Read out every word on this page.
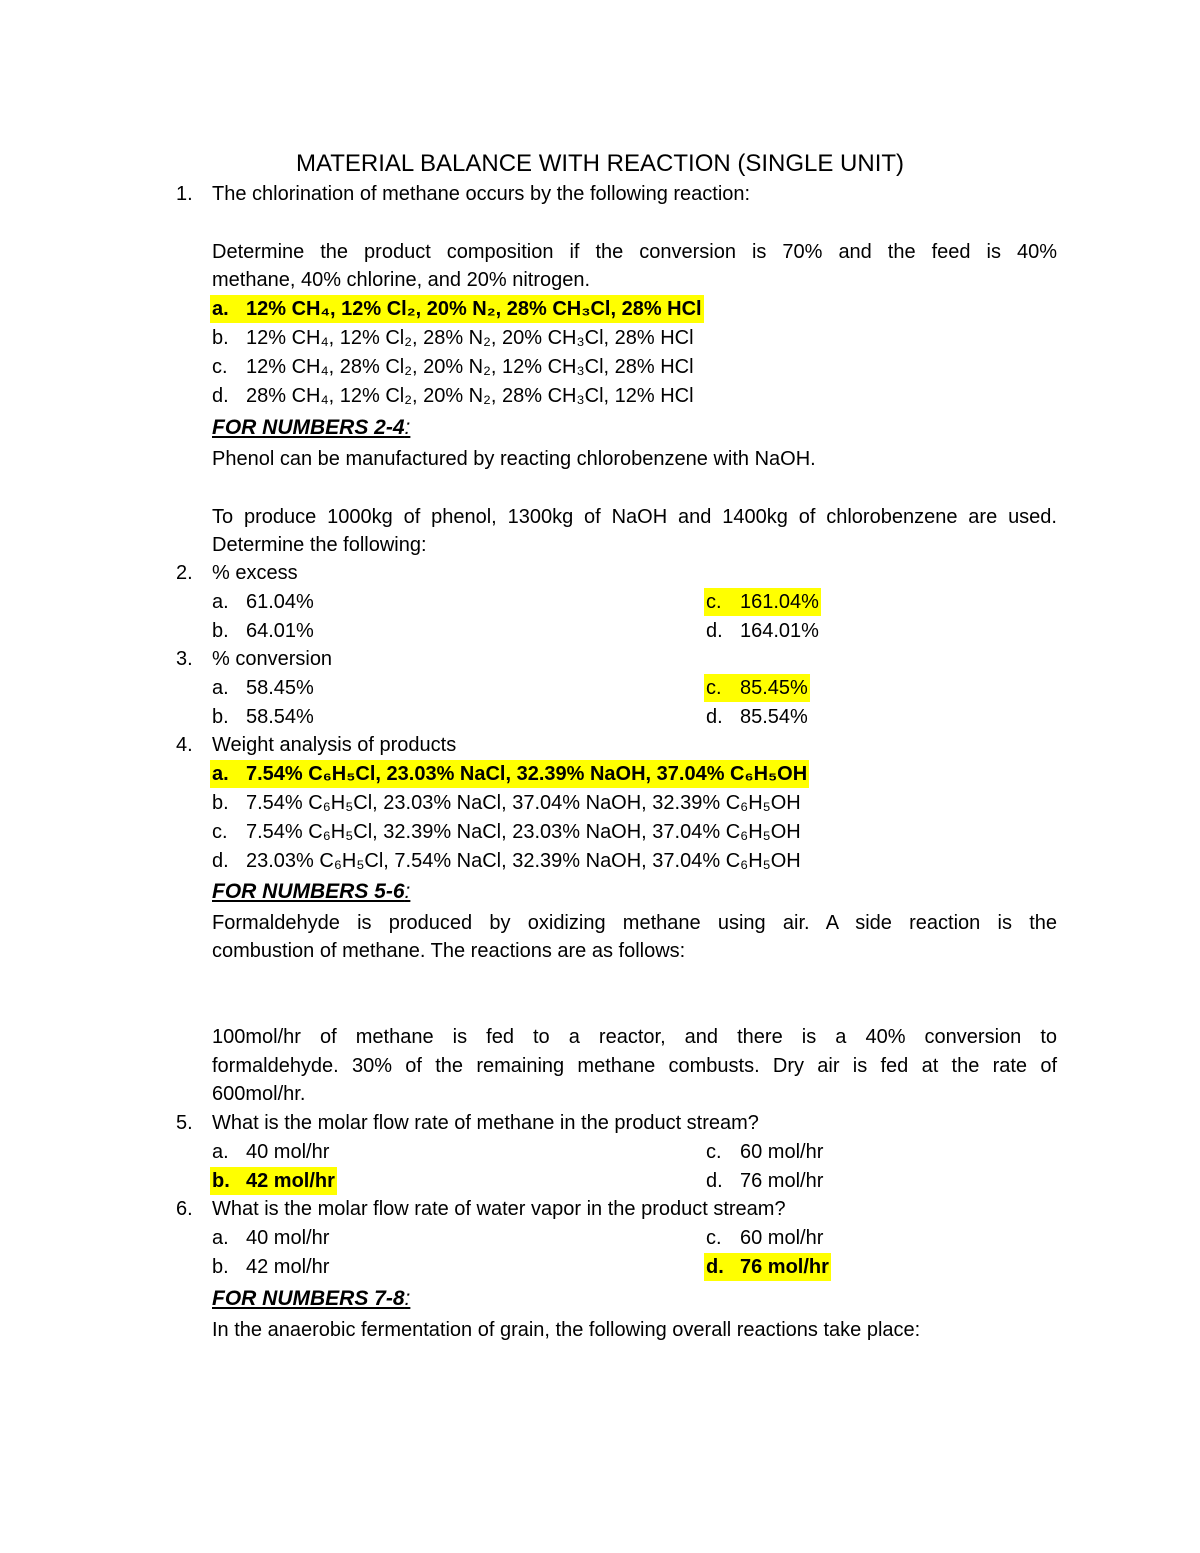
MATERIAL BALANCE WITH REACTION (SINGLE UNIT)
1. The chlorination of methane occurs by the following reaction:
Determine the product composition if the conversion is 70% and the feed is 40%
methane, 40% chlorine, and 20% nitrogen.
a. 12% CH₄, 12% Cl₂, 20% N₂, 28% CH₃Cl, 28% HCl
b. 12% CH₄, 12% Cl₂, 28% N₂, 20% CH₃Cl, 28% HCl
c. 12% CH₄, 28% Cl₂, 20% N₂, 12% CH₃Cl, 28% HCl
d. 28% CH₄, 12% Cl₂, 20% N₂, 28% CH₃Cl, 12% HCl
FOR NUMBERS 2-4:
Phenol can be manufactured by reacting chlorobenzene with NaOH.
To produce 1000kg of phenol, 1300kg of NaOH and 1400kg of chlorobenzene are used.
Determine the following:
2. % excess
a. 61.04%	c. 161.04%
b. 64.01%	d. 164.01%
3. % conversion
a. 58.45%	c. 85.45%
b. 58.54%	d. 85.54%
4. Weight analysis of products
a. 7.54% C₆H₅Cl, 23.03% NaCl, 32.39% NaOH, 37.04% C₆H₅OH
b. 7.54% C₆H₅Cl, 23.03% NaCl, 37.04% NaOH, 32.39% C₆H₅OH
c. 7.54% C₆H₅Cl, 32.39% NaCl, 23.03% NaOH, 37.04% C₆H₅OH
d. 23.03% C₆H₅Cl, 7.54% NaCl, 32.39% NaOH, 37.04% C₆H₅OH
FOR NUMBERS 5-6:
Formaldehyde is produced by oxidizing methane using air. A side reaction is the
combustion of methane. The reactions are as follows:
100mol/hr of methane is fed to a reactor, and there is a 40% conversion to
formaldehyde. 30% of the remaining methane combusts. Dry air is fed at the rate of
600mol/hr.
5. What is the molar flow rate of methane in the product stream?
a. 40 mol/hr	c. 60 mol/hr
b. 42 mol/hr	d. 76 mol/hr
6. What is the molar flow rate of water vapor in the product stream?
a. 40 mol/hr	c. 60 mol/hr
b. 42 mol/hr	d. 76 mol/hr
FOR NUMBERS 7-8:
In the anaerobic fermentation of grain, the following overall reactions take place:
